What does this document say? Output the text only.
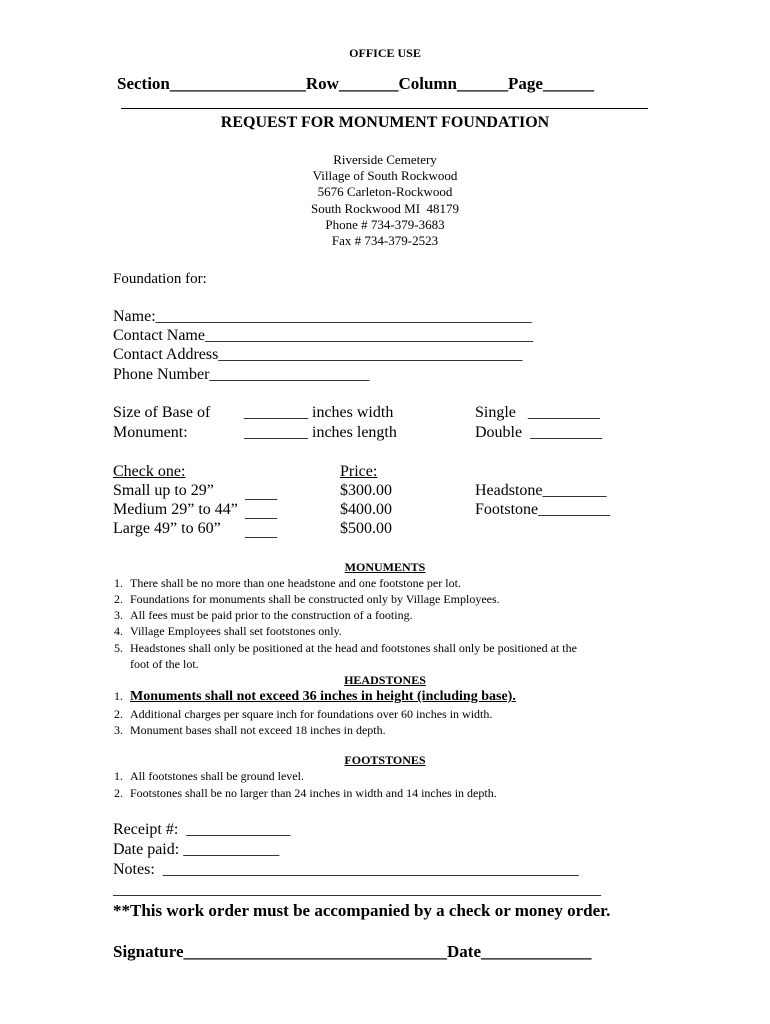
OFFICE USE
Section________________Row_______Column______Page______
REQUEST FOR MONUMENT FOUNDATION
Riverside Cemetery
Village of South Rockwood
5676 Carleton-Rockwood
South Rockwood MI  48179
Phone # 734-379-3683
Fax # 734-379-2523
Foundation for:
Name:_______________________________________________
Contact Name_________________________________________
Contact Address______________________________________
Phone Number____________________
Size of Base of
Monument:
________ inches width
________ inches length
Single   _________
Double  _________
Check one:	Price:
Small up to 29”
Medium 29” to 44”
Large 49” to 60”
____
____
____
$300.00
$400.00
$500.00
Headstone________
Footstone_________
MONUMENTS
1. There shall be no more than one headstone and one footstone per lot.
2. Foundations for monuments shall be constructed only by Village Employees.
3. All fees must be paid prior to the construction of a footing.
4. Village Employees shall set footstones only.
5. Headstones shall only be positioned at the head and footstones shall only be positioned at the
foot of the lot.
HEADSTONES
1. Monuments shall not exceed 36 inches in height (including base).
2. Additional charges per square inch for foundations over 60 inches in width.
3. Monument bases shall not exceed 18 inches in depth.
FOOTSTONES
1. All footstones shall be ground level.
2. Footstones shall be no larger than 24 inches in width and 14 inches in depth.
Receipt #:  _____________
Date paid: ____________
Notes:  ____________________________________________________
_____________________________________________________________
**This work order must be accompanied by a check or money order.
Signature_______________________________Date_____________
